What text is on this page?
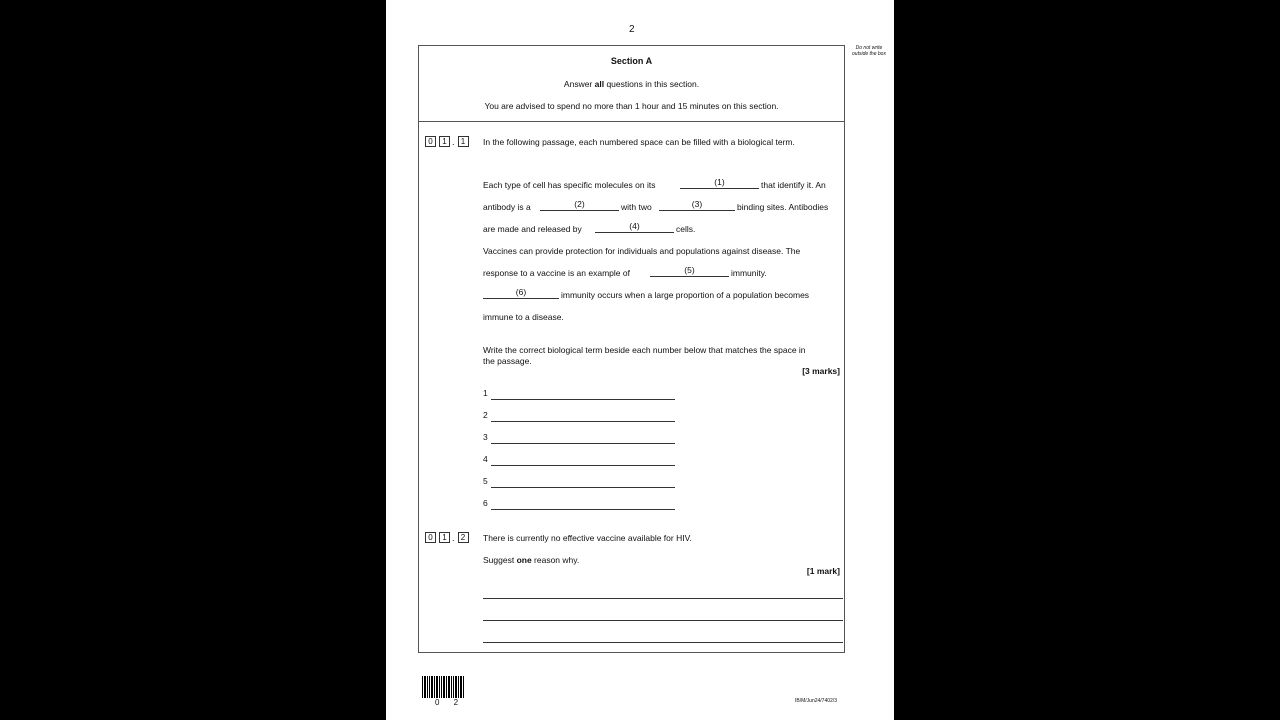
2
Do not write outside the box
Section A
Answer all questions in this section.
You are advised to spend no more than 1 hour and 15 minutes on this section.
0	1 . 1	In the following passage, each numbered space can be filled with a biological term.
Each type of cell has specific molecules on its	(1)	that identify it. An
antibody is a	(2)	with two	(3)	binding sites. Antibodies
are made and released by	(4)	cells.
Vaccines can provide protection for individuals and populations against disease. The
response to a vaccine is an example of	(5)	immunity.
(6)	immunity occurs when a large proportion of a population becomes
immune to a disease.
Write the correct biological term beside each number below that matches the space in
the passage.
[3 marks]
1
2
3
4
5
6
0	1 . 2	There is currently no effective vaccine available for HIV.
Suggest one reason why.
[1 mark]
0 2	IB/M/Jun24/7402/3
